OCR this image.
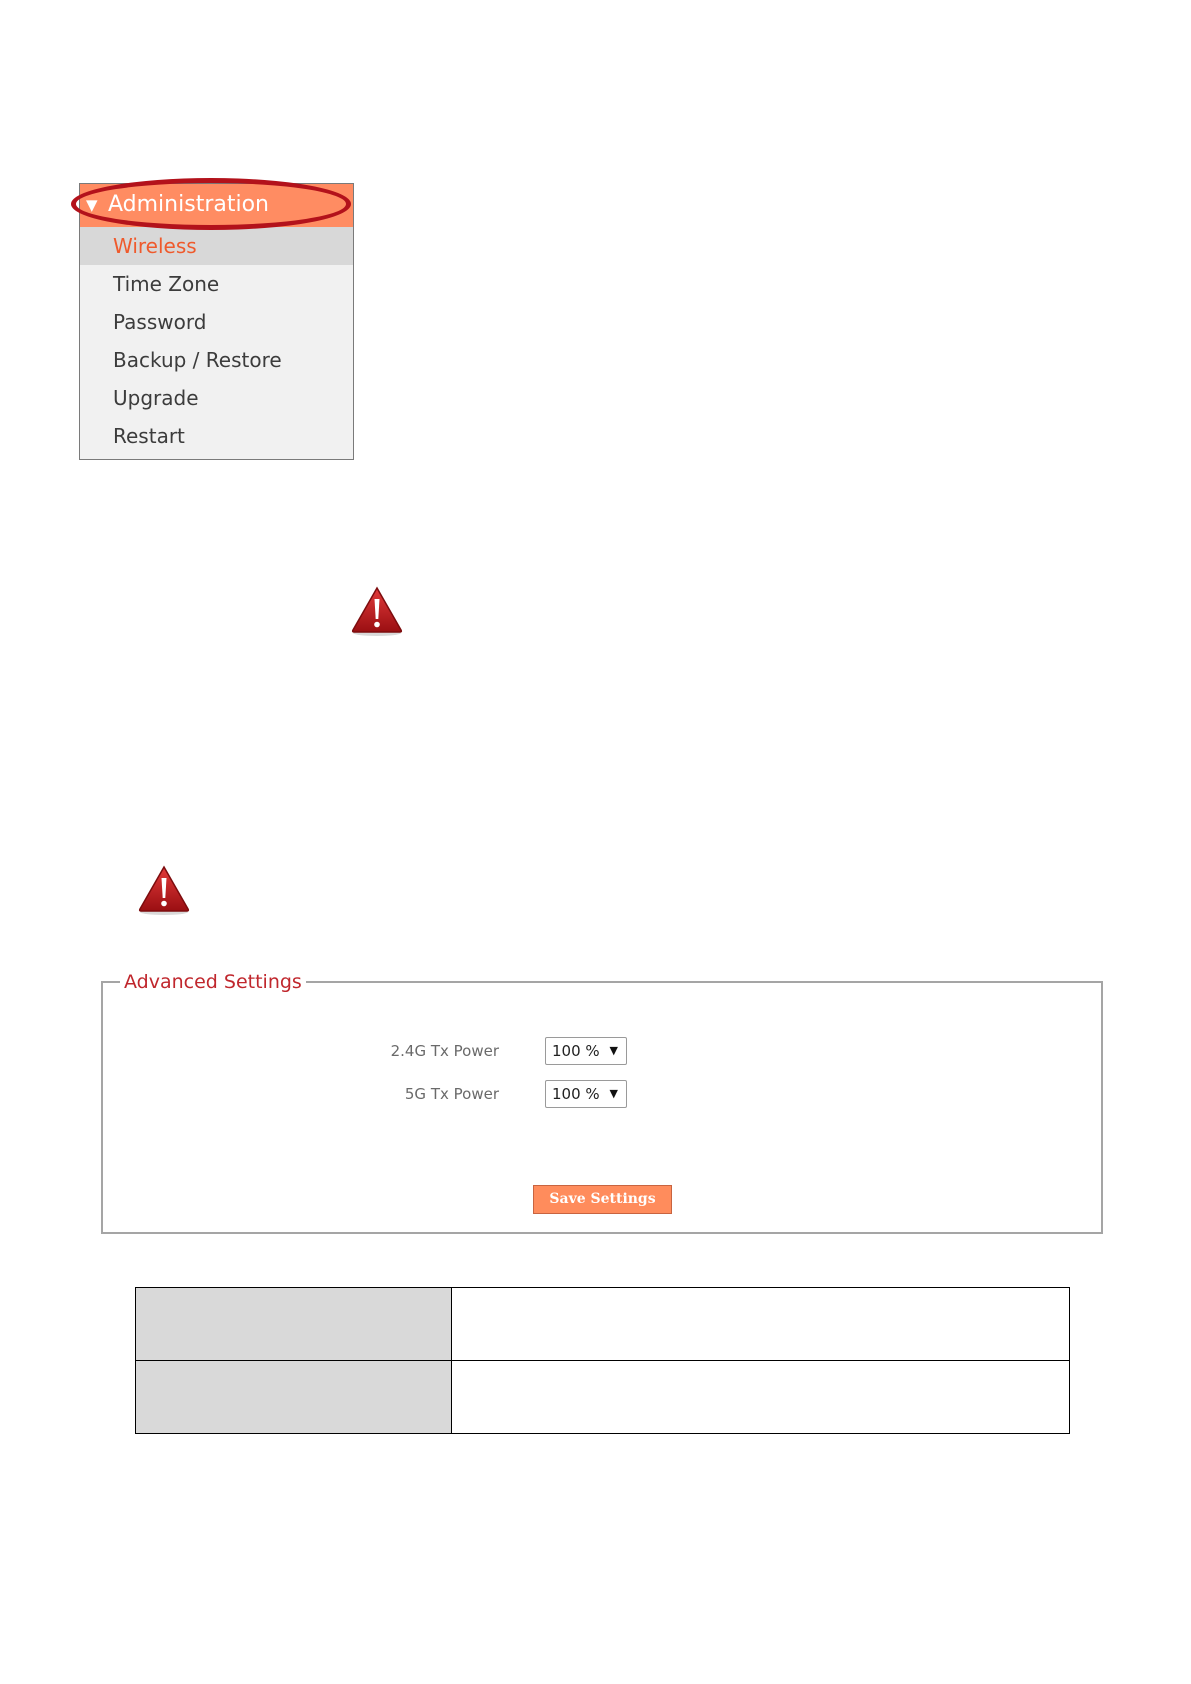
▼ Administration
Wireless
Time Zone
Password
Backup / Restore
Upgrade
Restart
Advanced Settings
2.4G Tx Power	100 % ▼
5G Tx Power	100 % ▼
Save Settings
